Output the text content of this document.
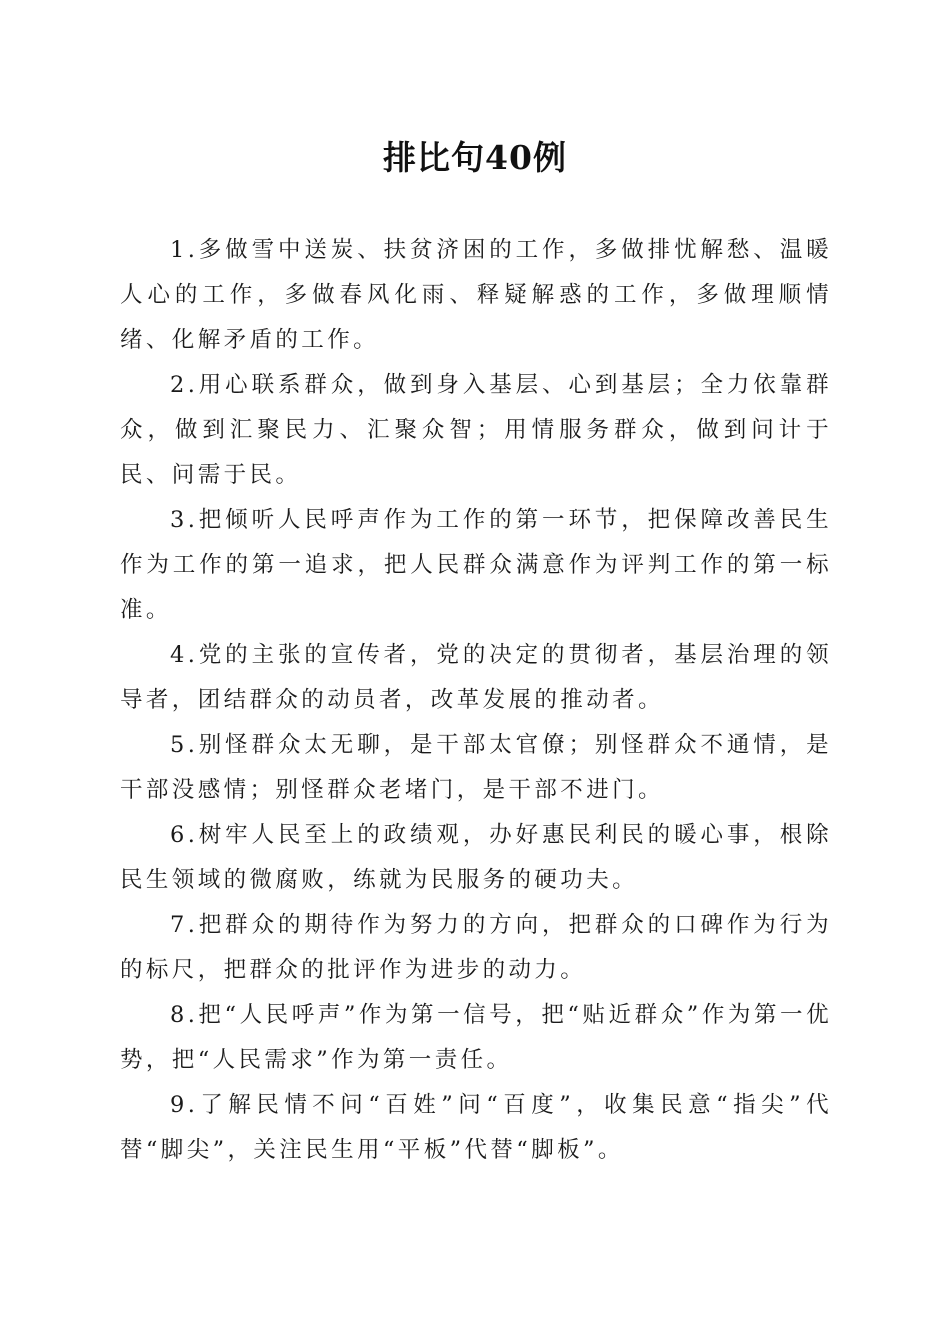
排比句40例

1.多做雪中送炭、扶贫济困的工作，多做排忧解愁、温暖人心的工作，多做春风化雨、释疑解惑的工作，多做理顺情绪、化解矛盾的工作。

2.用心联系群众，做到身入基层、心到基层；全力依靠群众，做到汇聚民力、汇聚众智；用情服务群众，做到问计于民、问需于民。

3.把倾听人民呼声作为工作的第一环节，把保障改善民生作为工作的第一追求，把人民群众满意作为评判工作的第一标准。

4.党的主张的宣传者，党的决定的贯彻者，基层治理的领导者，团结群众的动员者，改革发展的推动者。

5.别怪群众太无聊，是干部太官僚；别怪群众不通情，是干部没感情；别怪群众老堵门，是干部不进门。

6.树牢人民至上的政绩观，办好惠民利民的暖心事，根除民生领域的微腐败，练就为民服务的硬功夫。

7.把群众的期待作为努力的方向，把群众的口碑作为行为的标尺，把群众的批评作为进步的动力。

8.把“人民呼声”作为第一信号，把“贴近群众”作为第一优势，把“人民需求”作为第一责任。

9.了解民情不问“百姓”问“百度”，收集民意“指尖”代替“脚尖”，关注民生用“平板”代替“脚板”。
